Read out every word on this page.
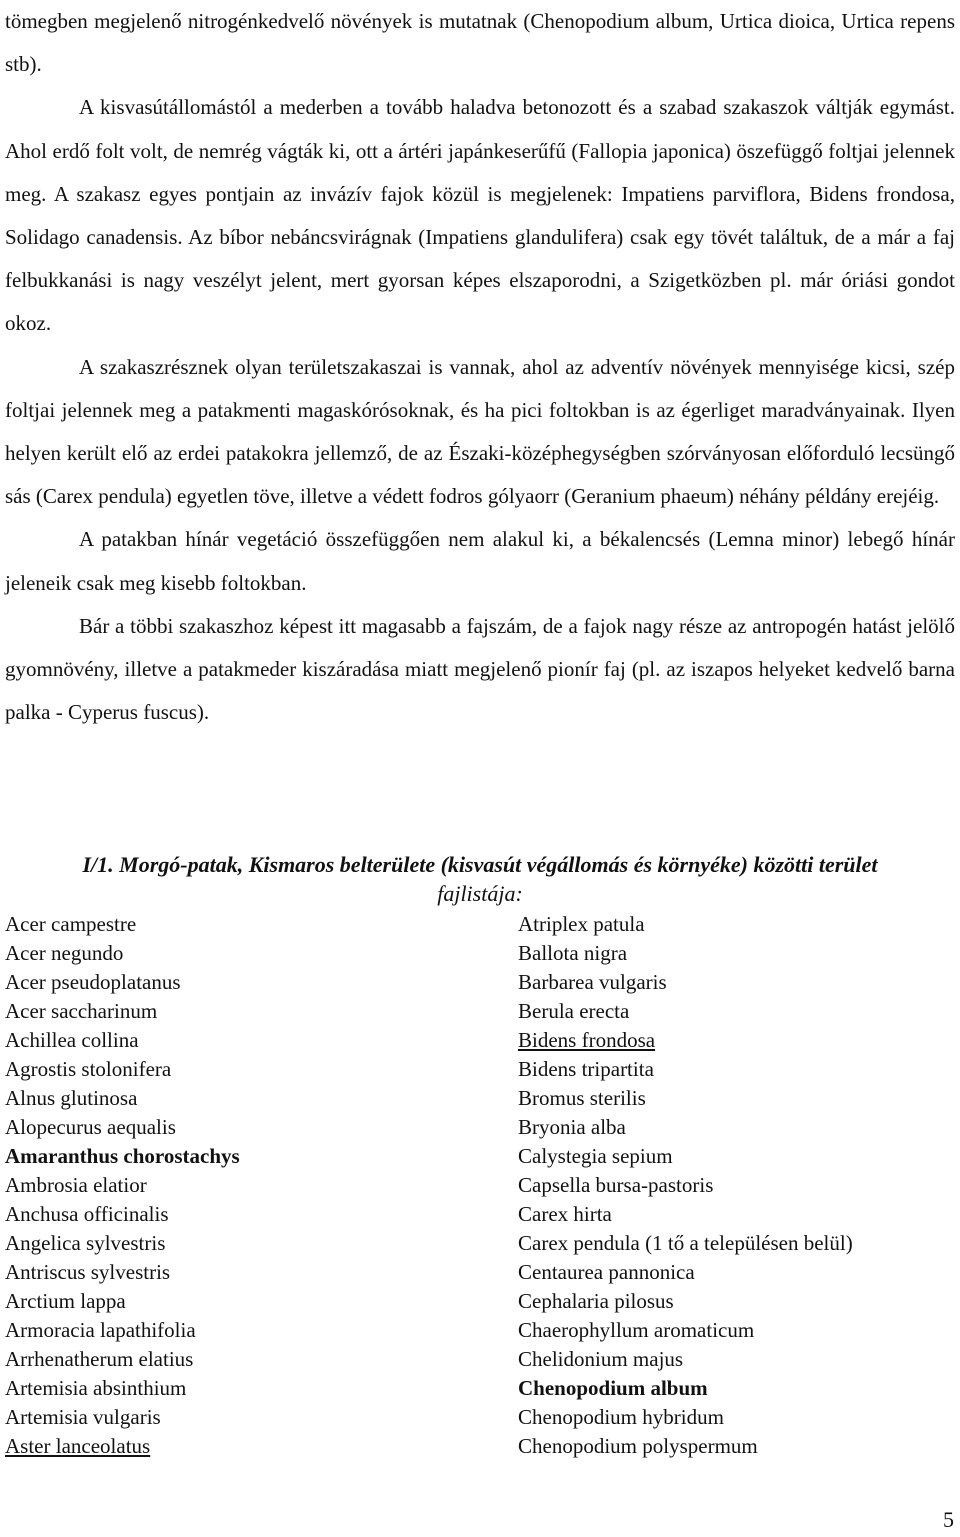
tömegben megjelenő nitrogénkedvelő növények is mutatnak (Chenopodium album, Urtica dioica, Urtica repens stb).

A kisvasútállomástól a mederben a tovább haladva betonozott és a szabad szakaszok váltják egymást. Ahol erdő folt volt, de nemrég vágták ki, ott a ártéri japánkeserűfű (Fallopia japonica) öszefüggő foltjai jelennek meg. A szakasz egyes pontjain az invázív fajok közül is megjelenek: Impatiens parviflora, Bidens frondosa, Solidago canadensis. Az bíbor nebáncsvirágnak (Impatiens glandulifera) csak egy tövét találtuk, de a már a faj felbukkanási is nagy veszélyt jelent, mert gyorsan képes elszaporodni, a Szigetközben pl. már óriási gondot okoz.

A szakaszrésznek olyan területszakaszai is vannak, ahol az adventív növények mennyisége kicsi, szép foltjai jelennek meg a patakmenti magaskórósoknak, és ha pici foltokban is az égerliget maradványainak. Ilyen helyen került elő az erdei patakokra jellemző, de az Északi-középhegységben szórványosan előforduló lecsüngő sás (Carex pendula) egyetlen töve, illetve a védett fodros gólyaorr (Geranium phaeum) néhány példány erejéig.

A patakban hínár vegetáció összefüggően nem alakul ki, a békalencsés (Lemna minor) lebegő hínár jeleneik csak meg kisebb foltokban.

Bár a többi szakaszhoz képest itt magasabb a fajszám, de a fajok nagy része az antropogén hatást jelölő gyomnövény, illetve a patakmeder kiszáradása miatt megjelenő pionír faj (pl. az iszapos helyeket kedvelő barna palka - Cyperus fuscus).

I/1. Morgó-patak, Kismaros belterülete (kisvasút végállomás és környéke) közötti terület
fajlistája:
Acer campestre
Acer negundo
Acer pseudoplatanus
Acer saccharinum
Achillea collina
Agrostis stolonifera
Alnus glutinosa
Alopecurus aequalis
Amaranthus chorostachys
Ambrosia elatior
Anchusa officinalis
Angelica sylvestris
Antriscus sylvestris
Arctium lappa
Armoracia lapathifolia
Arrhenatherum elatius
Artemisia absinthium
Artemisia vulgaris
Aster lanceolatus
Atriplex patula
Ballota nigra
Barbarea vulgaris
Berula erecta
Bidens frondosa
Bidens tripartita
Bromus sterilis
Bryonia alba
Calystegia sepium
Capsella bursa-pastoris
Carex hirta
Carex pendula (1 tő a településen belül)
Centaurea pannonica
Cephalaria pilosus
Chaerophyllum aromaticum
Chelidonium majus
Chenopodium album
Chenopodium hybridum
Chenopodium polyspermum
5
